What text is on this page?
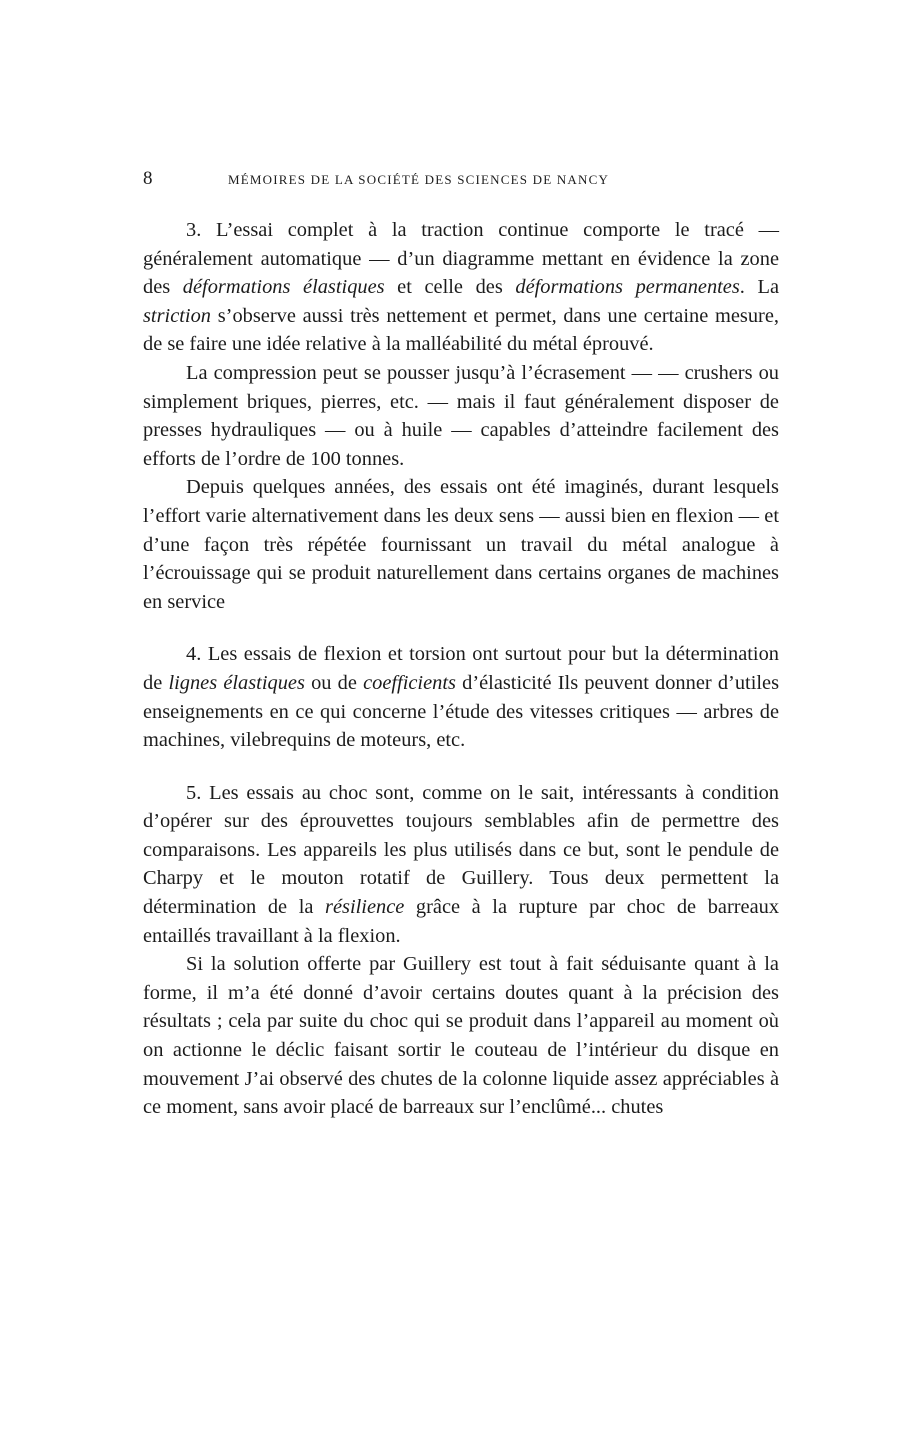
8	MÉMOIRES DE LA SOCIÉTÉ DES SCIENCES DE NANCY

3. L’essai complet à la traction continue comporte le tracé — généralement automatique — d’un diagramme mettant en évidence la zone des déformations élastiques et celle des déformations permanentes. La striction s’observe aussi très nettement et permet, dans une certaine mesure, de se faire une idée relative à la malléabilité du métal éprouvé.

La compression peut se pousser jusqu’à l’écrasement — — crushers ou simplement briques, pierres, etc. — mais il faut généralement disposer de presses hydrauliques — ou à huile — capables d’atteindre facilement des efforts de l’ordre de 100 tonnes.

Depuis quelques années, des essais ont été imaginés, durant lesquels l’effort varie alternativement dans les deux sens — aussi bien en flexion — et d’une façon très répétée fournissant un travail du métal analogue à l’écrouissage qui se produit naturellement dans certains organes de machines en service

4. Les essais de flexion et torsion ont surtout pour but la détermination de lignes élastiques ou de coefficients d’élasticité Ils peuvent donner d’utiles enseignements en ce qui concerne l’étude des vitesses critiques — arbres de machines, vilebrequins de moteurs, etc.

5. Les essais au choc sont, comme on le sait, intéressants à condition d’opérer sur des éprouvettes toujours semblables afin de permettre des comparaisons. Les appareils les plus utilisés dans ce but, sont le pendule de Charpy et le mouton rotatif de Guillery. Tous deux permettent la détermination de la résilience grâce à la rupture par choc de barreaux entaillés travaillant à la flexion.

Si la solution offerte par Guillery est tout à fait séduisante quant à la forme, il m’a été donné d’avoir certains doutes quant à la précision des résultats ; cela par suite du choc qui se produit dans l’appareil au moment où on actionne le déclic faisant sortir le couteau de l’intérieur du disque en mouvement J’ai observé des chutes de la colonne liquide assez appréciables à ce moment, sans avoir placé de barreaux sur l’enclûmé... chutes
